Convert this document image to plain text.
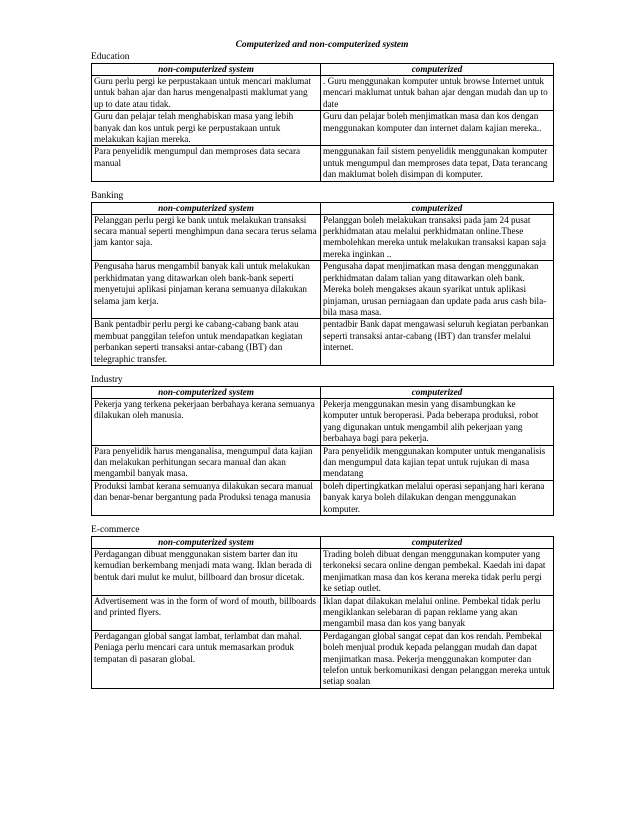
Computerized and non-computerized system
Education
non-computerized system	computerized
Guru perlu pergi ke perpustakaan untuk mencari maklumat untuk bahan ajar dan harus mengenalpasti maklumat yang up to date atau tidak.	. Guru menggunakan komputer untuk browse Internet untuk mencari maklumat untuk bahan ajar dengan mudah dan up to date
Guru dan pelajar telah menghabiskan masa yang lebih banyak dan kos untuk pergi ke perpustakaan untuk melakukan kajian mereka.	Guru dan pelajar boleh menjimatkan masa dan kos dengan menggunakan komputer dan internet dalam kajian mereka..
Para penyelidik mengumpul dan memproses data secara manual	menggunakan fail sistem penyelidik menggunakan komputer untuk mengumpul dan memproses data tepat, Data terancang dan maklumat boleh disimpan di komputer.
Banking
non-computerized system	computerized
Pelanggan perlu pergi ke bank untuk melakukan transaksi secara manual seperti menghimpun dana secara terus selama jam kantor saja.	Pelanggan boleh melakukan transaksi pada jam 24 pusat perkhidmatan atau melalui perkhidmatan online.These membolehkan mereka untuk melakukan transaksi kapan saja mereka inginkan ..
Pengusaha harus mengambil banyak kali untuk melakukan perkhidmatan yang ditawarkan oleh bank-bank seperti menyetujui aplikasi pinjaman kerana semuanya dilakukan selama jam kerja.	Pengusaha dapat menjimatkan masa dengan menggunakan perkhidmatan dalam talian yang ditawarkan oleh bank. Mereka boleh mengakses akaun syarikat untuk aplikasi pinjaman, urusan perniagaan dan update pada arus cash bila-bila masa masa.
Bank pentadbir perlu pergi ke cabang-cabang bank atau membuat panggilan telefon untuk mendapatkan kegiatan perbankan seperti transaksi antar-cabang (IBT) dan telegraphic transfer.	pentadbir Bank dapat mengawasi seluruh kegiatan perbankan seperti transaksi antar-cabang (IBT) dan transfer melalui internet.
Industry
non-computerized system	computerized
Pekerja yang terkena pekerjaan berbahaya kerana semuanya dilakukan oleh manusia.	Pekerja menggunakan mesin yang disambungkan ke komputer untuk beroperasi. Pada beberapa produksi, robot yang digunakan untuk mengambil alih pekerjaan yang berbahaya bagi para pekerja.
Para penyelidik harus menganalisa, mengumpul data kajian dan melakukan perhitungan secara manual dan akan mengambil banyak masa.	Para penyelidik menggunakan komputer untuk menganalisis dan mengumpul data kajian tepat untuk rujukan di masa mendatang
Produksi lambat kerana semuanya dilakukan secara manual dan benar-benar bergantung pada Produksi tenaga manusia	boleh dipertingkatkan melalui operasi sepanjang hari kerana banyak karya boleh dilakukan dengan menggunakan komputer.
E-commerce
non-computerized system	computerized
Perdagangan dibuat menggunakan sistem barter dan itu kemudian berkembang menjadi mata wang. Iklan berada di bentuk dari mulut ke mulut, billboard dan brosur dicetak.	Trading boleh dibuat dengan menggunakan komputer yang terkoneksi secara online dengan pembekal. Kaedah ini dapat menjimatkan masa dan kos kerana mereka tidak perlu pergi ke setiap outlet.
Advertisement was in the form of word of mouth, billboards and printed flyers.	Iklan dapat dilakukan melalui online. Pembekal tidak perlu mengiklankan selebaran di papan reklame yang akan mengambil masa dan kos yang banyak
Perdagangan global sangat lambat, terlambat dan mahal. Peniaga perlu mencari cara untuk memasarkan produk tempatan di pasaran global.	Perdagangan global sangat cepat dan kos rendah. Pembekal boleh menjual produk kepada pelanggan mudah dan dapat menjimatkan masa. Pekerja menggunakan komputer dan telefon untuk berkomunikasi dengan pelanggan mereka untuk setiap soalan
